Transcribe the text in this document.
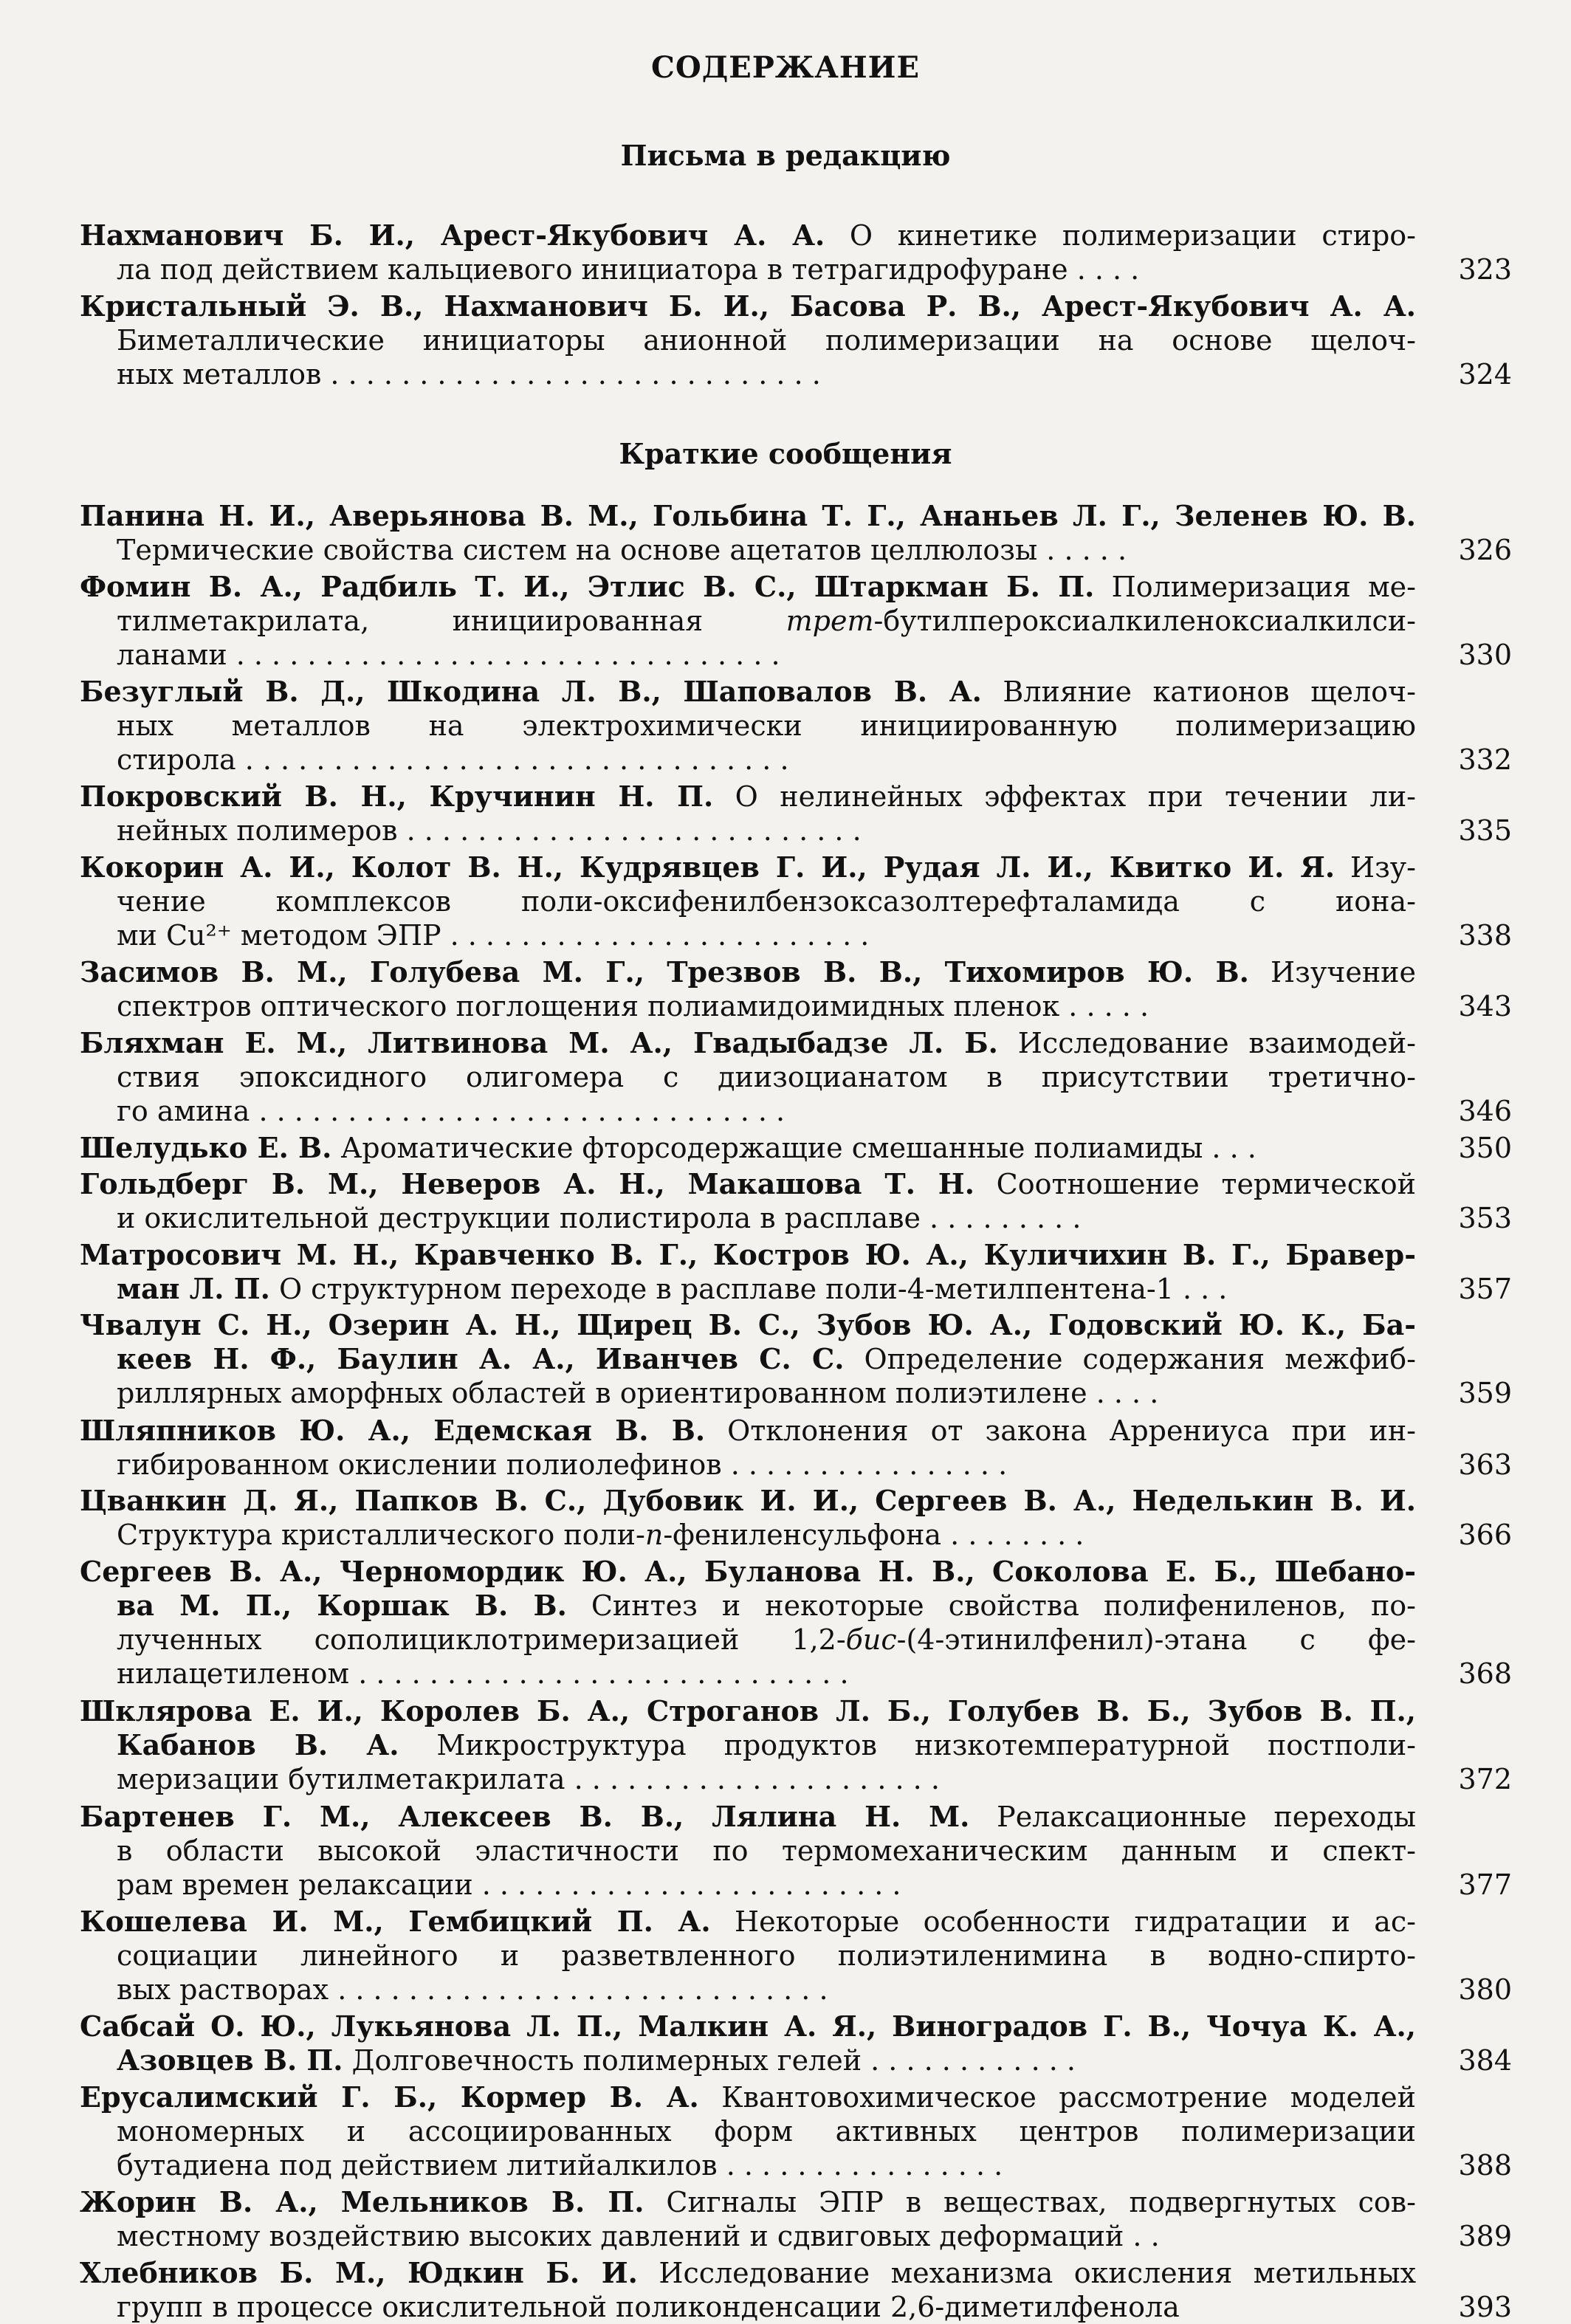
СОДЕРЖАНИЕ
Письма в редакцию
Нахманович Б. И., Арест-Якубович А. А. О кинетике полимеризации стиро-
ла под действием кальциевого инициатора в тетрагидрофуране . . . .	323
Кристальный Э. В., Нахманович Б. И., Басова Р. В., Арест-Якубович А. А.
Биметаллические инициаторы анионной полимеризации на основе щелоч-
ных металлов . . . . . . . . . . . . . . . . . . . . . . . . . . . .	324
Краткие сообщения
Панина Н. И., Аверьянова В. М., Гольбина Т. Г., Ананьев Л. Г., Зеленев Ю. В.
Термические свойства систем на основе ацетатов целлюлозы . . . . .	326
Фомин В. А., Радбиль Т. И., Этлис В. С., Штаркман Б. П. Полимеризация ме-
тилметакрилата, инициированная трет-бутилпероксиалкиленоксиалкилси-
ланами . . . . . . . . . . . . . . . . . . . . . . . . . . . . . . .	330
Безуглый В. Д., Шкодина Л. В., Шаповалов В. А. Влияние катионов щелоч-
ных металлов на электрохимически инициированную полимеризацию
стирола . . . . . . . . . . . . . . . . . . . . . . . . . . . . . . .	332
Покровский В. Н., Кручинин Н. П. О нелинейных эффектах при течении ли-
нейных полимеров . . . . . . . . . . . . . . . . . . . . . . . . . .	335
Кокорин А. И., Колот В. Н., Кудрявцев Г. И., Рудая Л. И., Квитко И. Я. Изу-
чение комплексов поли-оксифенилбензоксазолтерефталамида с иона-
ми Cu²⁺ методом ЭПР . . . . . . . . . . . . . . . . . . . . . . . .	338
Засимов В. М., Голубева М. Г., Трезвов В. В., Тихомиров Ю. В. Изучение
спектров оптического поглощения полиамидоимидных пленок . . . . .	343
Бляхман Е. М., Литвинова М. А., Гвадыбадзе Л. Б. Исследование взаимодей-
ствия эпоксидного олигомера с диизоцианатом в присутствии третично-
го амина . . . . . . . . . . . . . . . . . . . . . . . . . . . . . .	346
Шелудько Е. В. Ароматические фторсодержащие смешанные полиамиды . . .	350
Гольдберг В. М., Неверов А. Н., Макашова Т. Н. Соотношение термической
и окислительной деструкции полистирола в расплаве . . . . . . . . .	353
Матросович М. Н., Кравченко В. Г., Костров Ю. А., Куличихин В. Г., Бравер-
ман Л. П. О структурном переходе в расплаве поли-4-метилпентена-1 . . .	357
Чвалун С. Н., Озерин А. Н., Щирец В. С., Зубов Ю. А., Годовский Ю. К., Ба-
кеев Н. Ф., Баулин А. А., Иванчев С. С. Определение содержания межфиб-
риллярных аморфных областей в ориентированном полиэтилене . . . .	359
Шляпников Ю. А., Едемская В. В. Отклонения от закона Аррениуса при ин-
гибированном окислении полиолефинов . . . . . . . . . . . . . . . .	363
Цванкин Д. Я., Папков В. С., Дубовик И. И., Сергеев В. А., Неделькин В. И.
Структура кристаллического поли-п-фениленсульфона . . . . . . . .	366
Сергеев В. А., Черномордик Ю. А., Буланова Н. В., Соколова Е. Б., Шебано-
ва М. П., Коршак В. В. Синтез и некоторые свойства полифениленов, по-
лученных сополициклотримеризацией 1,2-бис-(4-этинилфенил)-этана с фе-
нилацетиленом . . . . . . . . . . . . . . . . . . . . . . . . . . . .	368
Шклярова Е. И., Королев Б. А., Строганов Л. Б., Голубев В. Б., Зубов В. П.,
Кабанов В. А. Микроструктура продуктов низкотемпературной постполи-
меризации бутилметакрилата . . . . . . . . . . . . . . . . . . . . .	372
Бартенев Г. М., Алексеев В. В., Лялина Н. М. Релаксационные переходы
в области высокой эластичности по термомеханическим данным и спект-
рам времен релаксации . . . . . . . . . . . . . . . . . . . . . . . .	377
Кошелева И. М., Гембицкий П. А. Некоторые особенности гидратации и ас-
социации линейного и разветвленного полиэтиленимина в водно-спирто-
вых растворах . . . . . . . . . . . . . . . . . . . . . . . . . . . .	380
Сабсай О. Ю., Лукьянова Л. П., Малкин А. Я., Виноградов Г. В., Чочуа К. А.,
Азовцев В. П. Долговечность полимерных гелей . . . . . . . . . . . .	384
Ерусалимский Г. Б., Кормер В. А. Квантовохимическое рассмотрение моделей
мономерных и ассоциированных форм активных центров полимеризации
бутадиена под действием литийалкилов . . . . . . . . . . . . . . . .	388
Жорин В. А., Мельников В. П. Сигналы ЭПР в веществах, подвергнутых сов-
местному воздействию высоких давлений и сдвиговых деформаций . .	389
Хлебников Б. М., Юдкин Б. И. Исследование механизма окисления метильных
групп в процессе окислительной поликонденсации 2,6-диметилфенола	393
